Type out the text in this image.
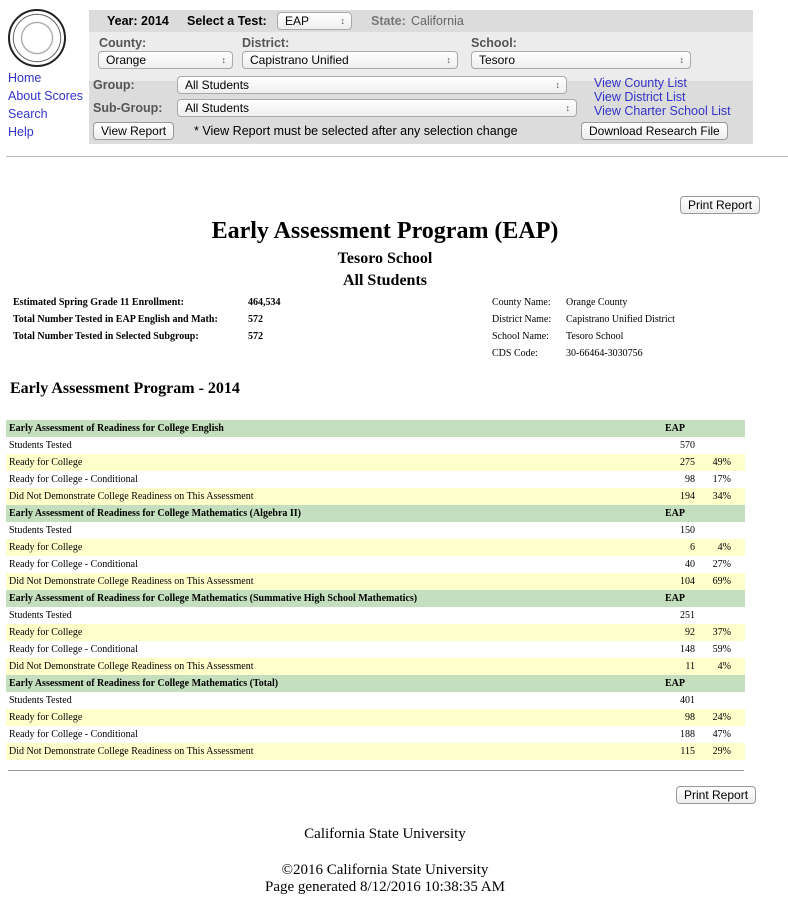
Home
About Scores
Search
Help
Year: 2014 Select a Test:	EAP ↕	State: California
County:
Orange ↕
District:
Capistrano Unified ↕
School:
Tesoro ↕
Group:	All Students ↕
Sub-Group:	All Students ↕
View County List
View District List
View Charter School List
View Report	* View Report must be selected after any selection change	Download Research File
Print Report
Early Assessment Program (EAP)
Tesoro School
All Students
Estimated Spring Grade 11 Enrollment:	464,534
Total Number Tested in EAP English and Math:	572
Total Number Tested in Selected Subgroup:	572
County Name: Orange County
District Name: Capistrano Unified District
School Name: Tesoro School
CDS Code:	30-66464-3030756
Early Assessment Program - 2014
Early Assessment of Readiness for College English	EAP	
Students Tested	570	
Ready for College	275	49%
Ready for College - Conditional	98	17%
Did Not Demonstrate College Readiness on This Assessment	194	34%
Early Assessment of Readiness for College Mathematics (Algebra II)	EAP	
Students Tested	150	
Ready for College	6	4%
Ready for College - Conditional	40	27%
Did Not Demonstrate College Readiness on This Assessment	104	69%
Early Assessment of Readiness for College Mathematics (Summative High School Mathematics)	EAP	
Students Tested	251	
Ready for College	92	37%
Ready for College - Conditional	148	59%
Did Not Demonstrate College Readiness on This Assessment	11	4%
Early Assessment of Readiness for College Mathematics (Total)	EAP	
Students Tested	401	
Ready for College	98	24%
Ready for College - Conditional	188	47%
Did Not Demonstrate College Readiness on This Assessment	115	29%
Print Report
California State University
©2016 California State University
Page generated 8/12/2016 10:38:35 AM
